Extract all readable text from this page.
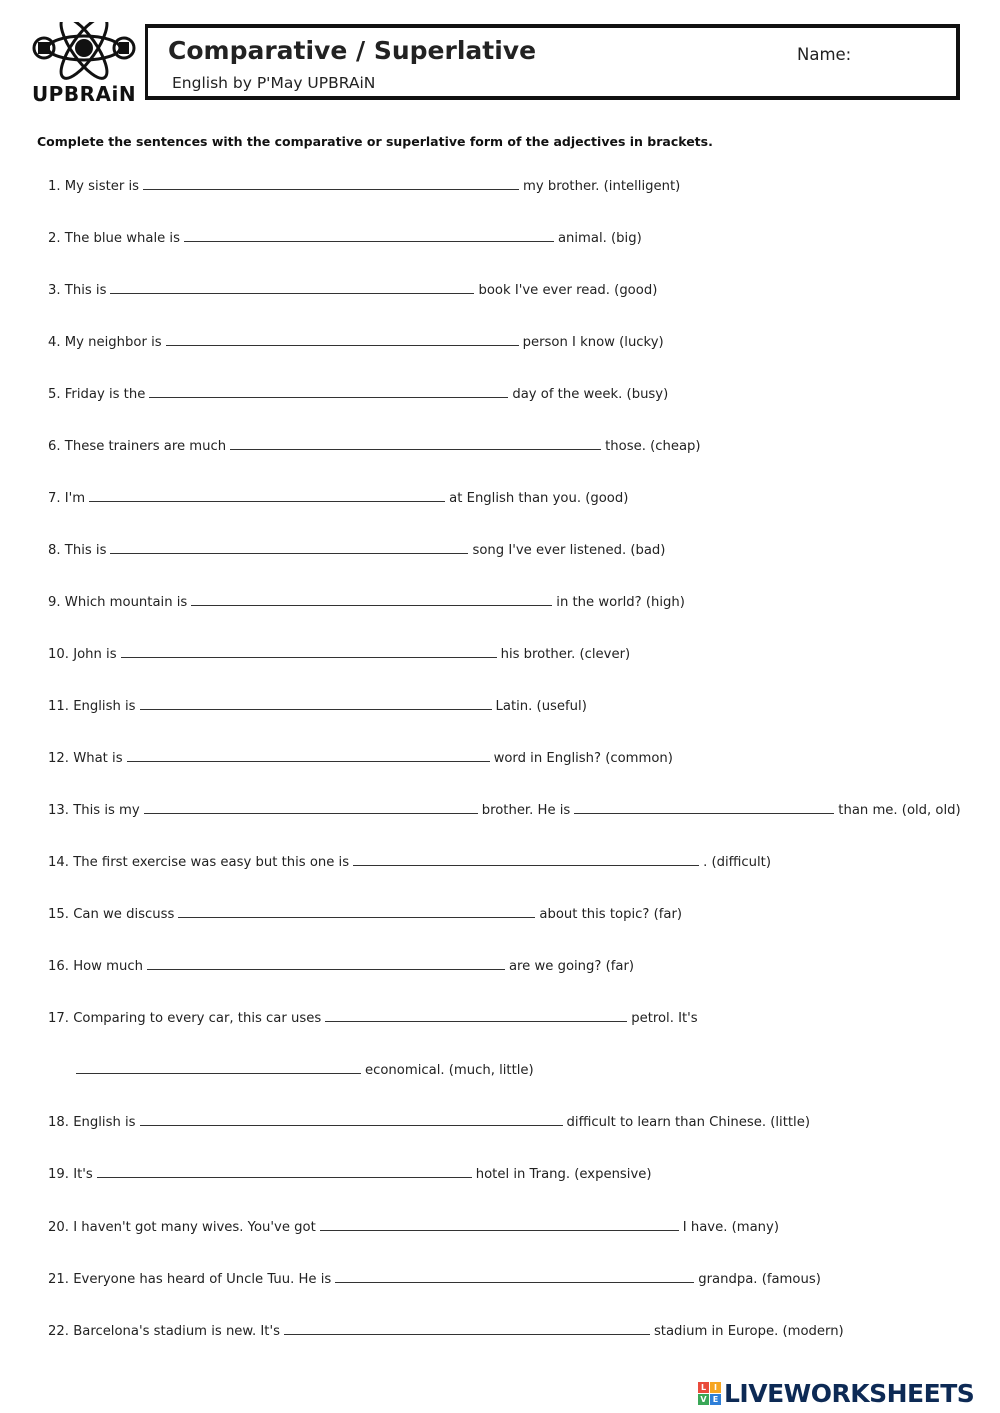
UPBRAiN
Comparative / Superlative
English by P'May UPBRAiN
Name:
Complete the sentences with the comparative or superlative form of the adjectives in brackets.
1. My sister is	my brother. (intelligent)
2. The blue whale is	animal. (big)
3. This is	book I've ever read. (good)
4. My neighbor is	person I know (lucky)
5. Friday is the	day of the week. (busy)
6. These trainers are much	those. (cheap)
7. I'm	at English than you. (good)
8. This is	song I've ever listened. (bad)
9. Which mountain is	in the world? (high)
10. John is	his brother. (clever)
11. English is	Latin. (useful)
12. What is	word in English? (common)
13. This is my	brother. He is	than me. (old, old)
14. The first exercise was easy but this one is	. (difficult)
15. Can we discuss	about this topic? (far)
16. How much	are we going? (far)
17. Comparing to every car, this car uses	petrol. It's
economical. (much, little)
18. English is	difficult to learn than Chinese. (little)
19. It's	hotel in Trang. (expensive)
20. I haven't got many wives. You've got	I have. (many)
21. Everyone has heard of Uncle Tuu. He is	grandpa. (famous)
22. Barcelona's stadium is new. It's	stadium in Europe. (modern)
L I
V E LIVEWORKSHEETS
